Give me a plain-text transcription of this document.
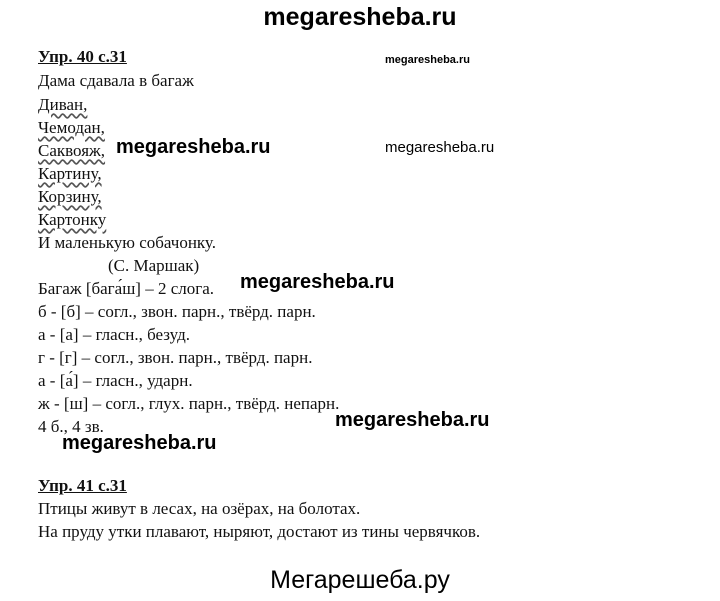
megaresheba.ru
Упр. 40 с.31	megaresheba.ru
Дама сдавала в багаж
Диван,
Чемодан,
Саквояж, megaresheba.ru	megaresheba.ru
Картину,
Корзину,
Картонку
И маленькую собачонку.
(С. Маршак)
Багаж [бага́ш] – 2 слога. megaresheba.ru
б - [б] – согл., звон. парн., твёрд. парн.
а - [а] – гласн., безуд.
г - [г] – согл., звон. парн., твёрд. парн.
а - [а́] – гласн., ударн.
ж - [ш] – согл., глух. парн., твёрд. непарн.
4 б., 4 зв.	megaresheba.ru
megaresheba.ru
Упр. 41 с.31
Птицы живут в лесах, на озёрах, на болотах.
На пруду утки плавают, ныряют, достают из тины червячков.
Мегарешеба.ру
